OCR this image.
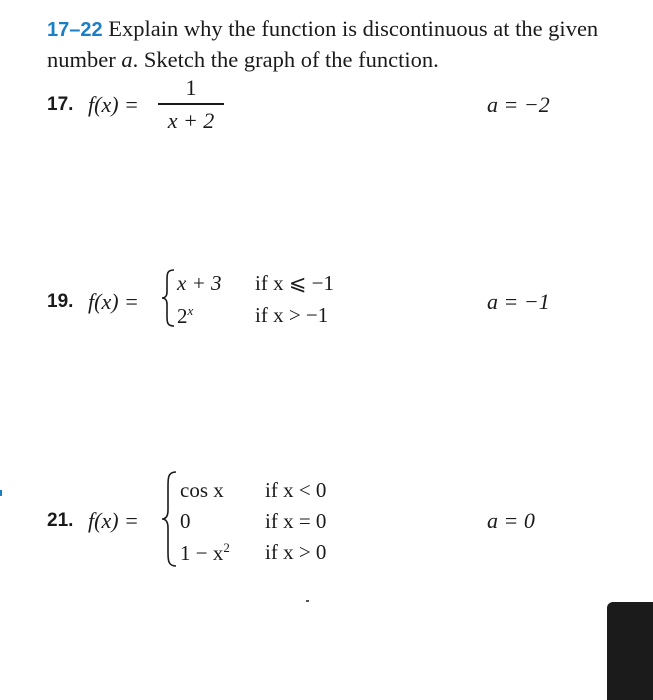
17–22 Explain why the function is discontinuous at the given number a. Sketch the graph of the function.
17. f(x) =
1
x + 2
a = −2
19. f(x) =
x + 3 if x ⩽ −1
2$^x$	if x > −1
a = −1
21. f(x) =
cos x if x < 0
0	if x = 0
$1 - x^2$ if x > 0
a = 0
